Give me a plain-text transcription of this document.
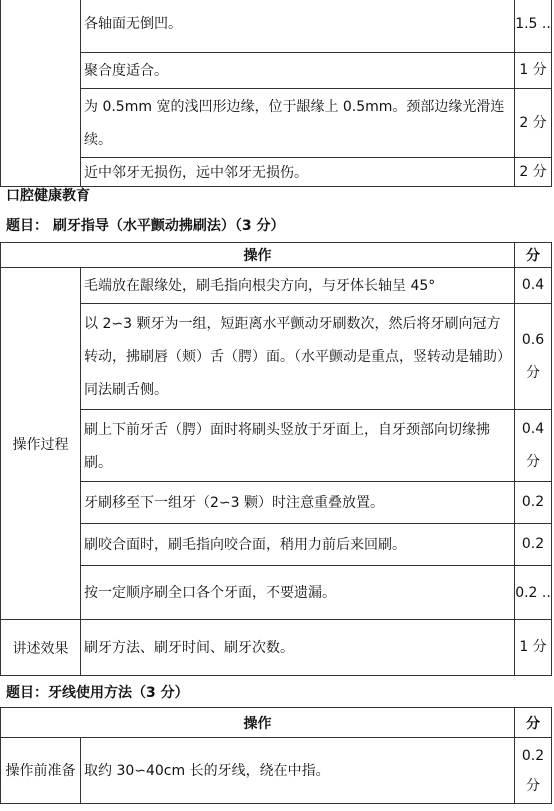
	各轴面无倒凹。	1.5 ..
	聚合度适合。	1 分
	为 0.5mm 宽的浅凹形边缘，位于龈缘上 0.5mm。颈部边缘光滑连续。	2 分
	近中邻牙无损伤，远中邻牙无损伤。	2 分
口腔健康教育
题目： 刷牙指导（水平颤动拂刷法）（3 分）
操作		分
操作过程	毛端放在龈缘处，刷毛指向根尖方向，与牙体长轴呈 45°	0.4
	以 2∽3 颗牙为一组，短距离水平颤动牙刷数次，然后将牙刷向冠方转动，拂刷唇（颊）舌（腭）面。（水平颤动是重点，竖转动是辅助）同法刷舌侧。	0.6 分
	刷上下前牙舌（腭）面时将刷头竖放于牙面上，自牙颈部向切缘拂刷。	0.4 分
	牙刷移至下一组牙（2∽3 颗）时注意重叠放置。	0.2
	刷咬合面时，刷毛指向咬合面，稍用力前后来回刷。	0.2
	按一定顺序刷全口各个牙面，不要遗漏。	0.2 ..
讲述效果	刷牙方法、刷牙时间、刷牙次数。	1 分
题目：牙线使用方法（3 分）
操作		分
操作前准备	取约 30∽40cm 长的牙线，绕在中指。	0.2 分
